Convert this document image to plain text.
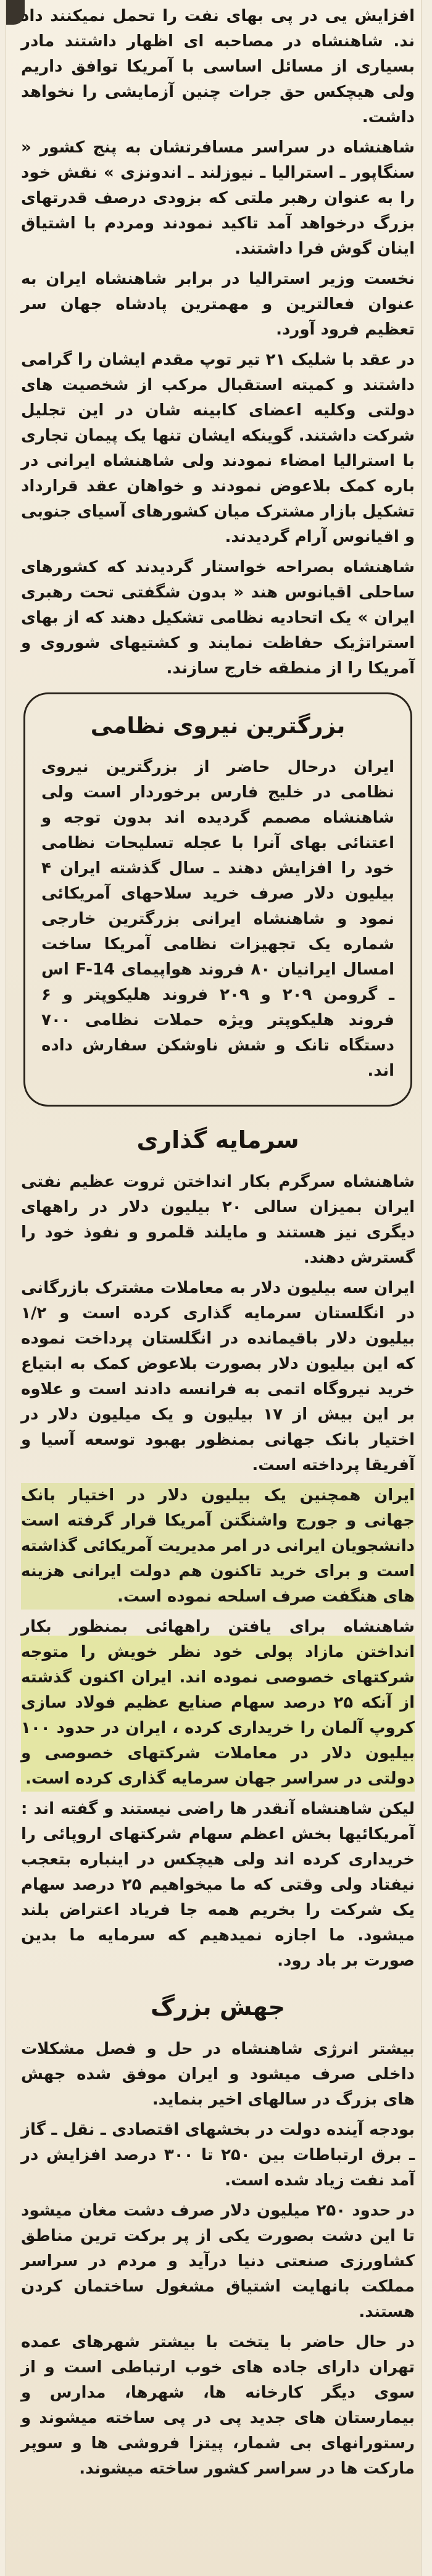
افزایش یی در پی بهای نفت را تحمل نمیکنند داد ند. شاهنشاه در مصاحبه ای اظهار داشتند مادر بسیاری از مسائل اساسی با آمریکا توافق داریم ولی هیچکس حق جرات چنین آزمایشی را نخواهد داشت.

شاهنشاه در سراسر مسافرتشان به پنج کشور « سنگاپور ـ استرالیا ـ نیوزلند ـ اندونزی » نقش خود را به عنوان رهبر ملتی که بزودی درصف قدرتهای بزرگ درخواهد آمد تاکید نمودند ومردم با اشتیاق اینان گوش فرا داشتند.

نخست وزیر استرالیا در برابر شاهنشاه ایران به عنوان فعالترین و مهمترین پادشاه جهان سر تعظیم فرود آورد.

در عقد با شلیک ۲۱ تیر توپ مقدم ایشان را گرامی داشتند و کمیته استقبال مرکب از شخصیت های دولتی وکلیه اعضای کابینه شان در این تجلیل شرکت داشتند. گوینکه ایشان تنها یک پیمان تجاری با استرالیا امضاء نمودند ولی شاهنشاه ایرانی در باره کمک بلاعوض نمودند و خواهان عقد قرارداد تشکیل بازار مشترک میان کشورهای آسیای جنوبی و اقیانوس آرام گردیدند.

شاهنشاه بصراحه خواستار گردیدند که کشورهای ساحلی اقیانوس هند « بدون شگفتی تحت رهبری ایران » یک اتحادیه نظامی تشکیل دهند که از بهای استراتژیک حفاظت نمایند و کشتیهای شوروی و آمریکا را از منطقه خارج سازند.

بزرگترین نیروی نظامی

ایران درحال حاضر از بزرگترین نیروی نظامی در خلیج فارس برخوردار است ولی شاهنشاه مصمم گردیده اند بدون توجه و اعتنائی بهای آنرا با عجله تسلیحات نظامی خود را افزایش دهند ـ سال گذشته ایران ۴ بیلیون دلار صرف خرید سلاحهای آمریکائی نمود و شاهنشاه ایرانی بزرگترین خارجی شماره یک تجهیزات نظامی آمریکا ساخت امسال ایرانیان ۸۰ فروند هواپیمای F-14 اس ـ گرومن ۲۰۹ و ۲۰۹ فروند هلیکوپتر و ۶ فروند هلیکوپتر ویژه حملات نظامی ۷۰۰ دستگاه تانک و شش ناوشکن سفارش داده اند.

سرمایه گذاری

شاهنشاه سرگرم بکار انداختن ثروت عظیم نفتی ایران بمیزان سالی ۲۰ بیلیون دلار در راههای دیگری نیز هستند و مایلند قلمرو و نفوذ خود را گسترش دهند.

ایران سه بیلیون دلار به معاملات مشترک بازرگانی در انگلستان سرمایه گذاری کرده است و ۱/۲ بیلیون دلار باقیمانده در انگلستان پرداخت نموده که این بیلیون دلار بصورت بلاعوض کمک به ابتیاع خرید نیروگاه اتمی به فرانسه دادند است و علاوه بر این بیش از ۱۷ بیلیون و یک میلیون دلار در اختیار بانک جهانی بمنظور بهبود توسعه آسیا و آفریقا پرداخته است.

ایران همچنین یک بیلیون دلار در اختیار بانک جهانی و جورج واشنگتن آمریکا قرار گرفته است دانشجویان ایرانی در امر مدیریت آمریکائی گذاشته است و برای خرید تاکنون هم دولت ایرانی هزینه های هنگفت صرف اسلحه نموده است.

شاهنشاه برای یافتن راههائی بمنظور بکار انداختن مازاد پولی خود نظر خویش را متوجه شرکتهای خصوصی نموده اند. ایران اکنون گذشته از آنکه ۲۵ درصد سهام صنایع عظیم فولاد سازی کروپ آلمان را خریداری کرده ، ایران در حدود ۱۰۰ بیلیون دلار در معاملات شرکتهای خصوصی و دولتی در سراسر جهان سرمایه گذاری کرده است.

لیکن شاهنشاه آنقدر ها راضی نیستند و گفته اند : آمریکائیها بخش اعظم سهام شرکتهای اروپائی را خریداری کرده اند ولی هیچکس در اینباره بتعجب نیفتاد ولی وقتی که ما میخواهیم ۲۵ درصد سهام یک شرکت را بخریم همه جا فریاد اعتراض بلند میشود. ما اجازه نمیدهیم که سرمایه ما بدین صورت بر باد رود.

جهش بزرگ

بیشتر انرژی شاهنشاه در حل و فصل مشکلات داخلی صرف میشود و ایران موفق شده جهش های بزرگ در سالهای اخیر بنماید.

بودجه آینده دولت در بخشهای اقتصادی ـ نقل ـ گاز ـ برق ارتباطات بین ۲۵۰ تا ۳۰۰ درصد افزایش در آمد نفت زیاد شده است.

در حدود ۲۵۰ میلیون دلار صرف دشت مغان میشود تا این دشت بصورت یکی از پر برکت ترین مناطق کشاورزی صنعتی دنیا درآید و مردم در سراسر مملکت بانهایت اشتیاق مشغول ساختمان کردن هستند.

در حال حاضر با یتخت با بیشتر شهرهای عمده تهران دارای جاده های خوب ارتباطی است و از سوی دیگر کارخانه ها، شهرها، مدارس و بیمارستان های جدید پی در پی ساخته میشوند و رستورانهای بی شمار، پیتزا فروشی ها و سوپر مارکت ها در سراسر کشور ساخته میشوند.
